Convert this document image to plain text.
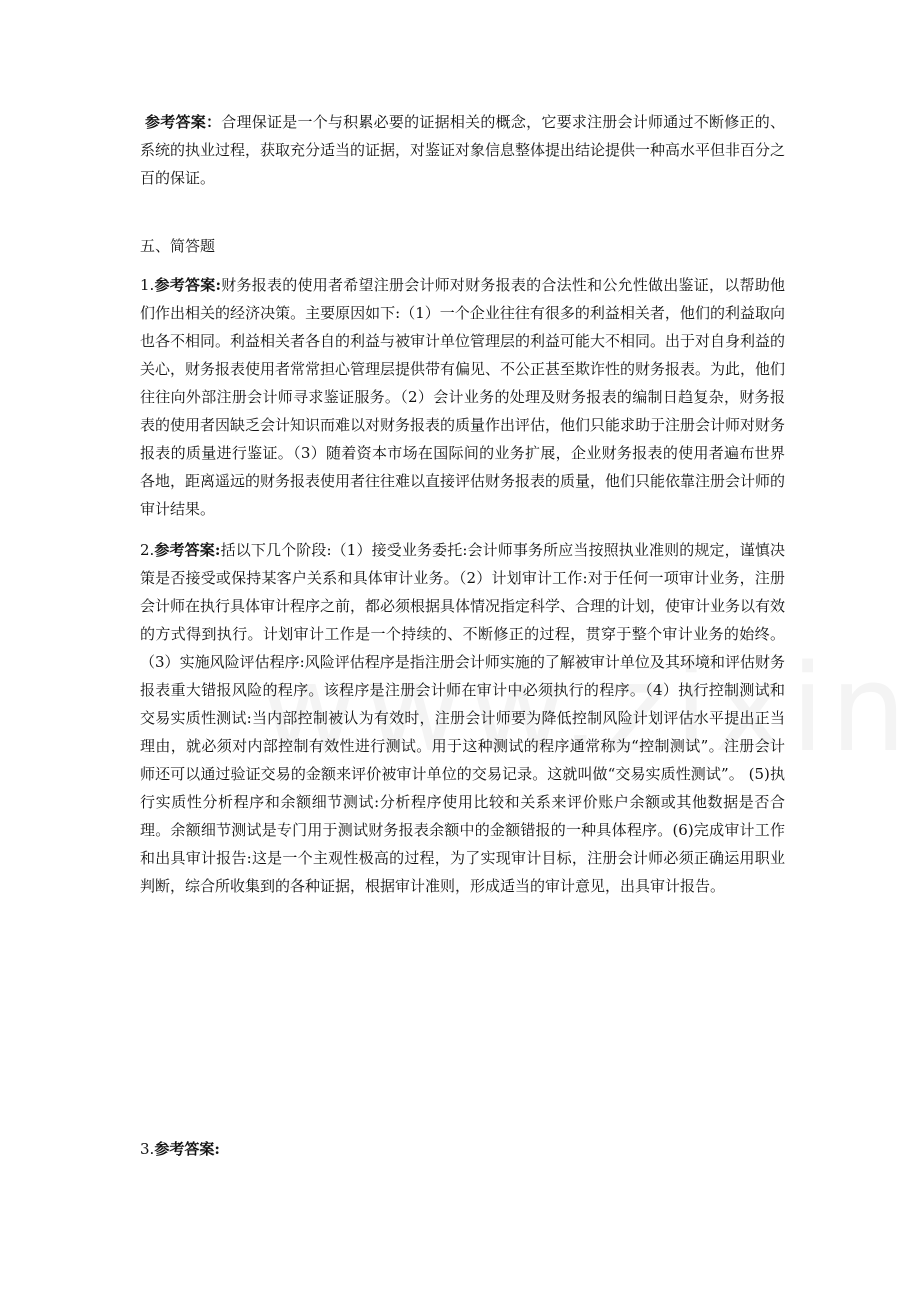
参考答案：合理保证是一个与积累必要的证据相关的概念，它要求注册会计师通过不断修正的、系统的执业过程，获取充分适当的证据，对鉴证对象信息整体提出结论提供一种高水平但非百分之百的保证。

五、简答题

1.参考答案:财务报表的使用者希望注册会计师对财务报表的合法性和公允性做出鉴证，以帮助他们作出相关的经济决策。主要原因如下:（1）一个企业往往有很多的利益相关者，他们的利益取向也各不相同。利益相关者各自的利益与被审计单位管理层的利益可能大不相同。出于对自身利益的关心，财务报表使用者常常担心管理层提供带有偏见、不公正甚至欺诈性的财务报表。为此，他们往往向外部注册会计师寻求鉴证服务。（2）会计业务的处理及财务报表的编制日趋复杂，财务报表的使用者因缺乏会计知识而难以对财务报表的质量作出评估，他们只能求助于注册会计师对财务报表的质量进行鉴证。（3）随着资本市场在国际间的业务扩展，企业财务报表的使用者遍布世界各地，距离遥远的财务报表使用者往往难以直接评估财务报表的质量，他们只能依靠注册会计师的审计结果。

2.参考答案:括以下几个阶段:（1）接受业务委托:会计师事务所应当按照执业准则的规定，谨慎决策是否接受或保持某客户关系和具体审计业务。（2）计划审计工作:对于任何一项审计业务，注册会计师在执行具体审计程序之前，都必须根据具体情况指定科学、合理的计划，使审计业务以有效的方式得到执行。计划审计工作是一个持续的、不断修正的过程，贯穿于整个审计业务的始终。（3）实施风险评估程序:风险评估程序是指注册会计师实施的了解被审计单位及其环境和评估财务报表重大错报风险的程序。该程序是注册会计师在审计中必须执行的程序。（4）执行控制测试和交易实质性测试:当内部控制被认为有效时，注册会计师要为降低控制风险计划评估水平提出正当理由，就必须对内部控制有效性进行测试。用于这种测试的程序通常称为“控制测试”。注册会计师还可以通过验证交易的金额来评价被审计单位的交易记录。这就叫做“交易实质性测试”。 (5)执行实质性分析程序和余额细节测试:分析程序使用比较和关系来评价账户余额或其他数据是否合理。余额细节测试是专门用于测试财务报表余额中的金额错报的一种具体程序。(6)完成审计工作和出具审计报告:这是一个主观性极高的过程，为了实现审计目标，注册会计师必须正确运用职业判断，综合所收集到的各种证据，根据审计准则，形成适当的审计意见，出具审计报告。

3.参考答案:
